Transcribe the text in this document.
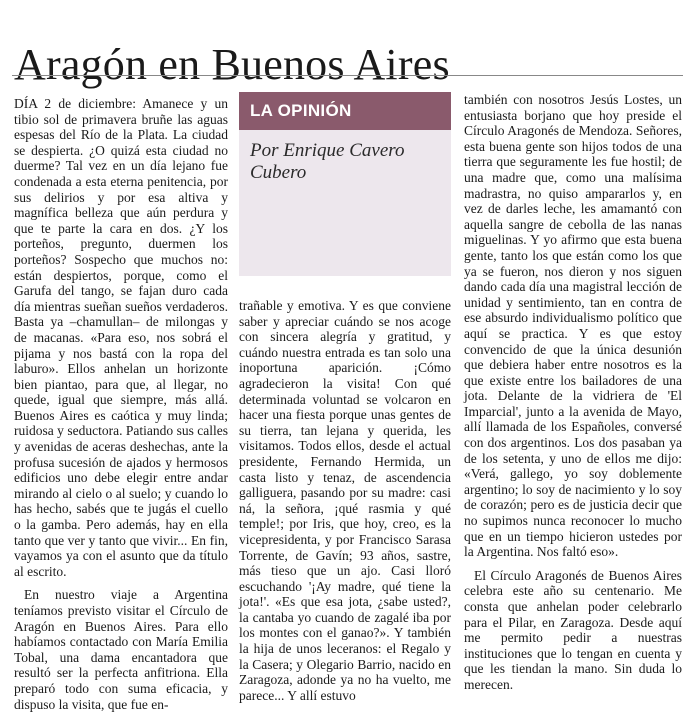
Aragón en Buenos Aires

DÍA 2 de diciembre: Amanece y un tibio sol de primavera bruñe las aguas espesas del Río de la Plata. La ciudad se despierta. ¿O quizá esta ciudad no duerme? Tal vez en un día lejano fue condenada a esta eterna penitencia, por sus delirios y por esa altiva y magnífica belleza que aún perdura y que te parte la cara en dos. ¿Y los porteños, pregunto, duermen los porteños? Sospecho que muchos no: están despiertos, porque, como el Garufa del tango, se fajan duro cada día mientras sueñan sueños verdaderos. Basta ya –chamullan– de milongas y de macanas. «Para eso, nos sobrá el pijama y nos bastá con la ropa del laburo». Ellos anhelan un horizonte bien piantao, para que, al llegar, no quede, igual que siempre, más allá. Buenos Aires es caótica y muy linda; ruidosa y seductora. Patiando sus calles y avenidas de aceras deshechas, ante la profusa sucesión de ajados y hermosos edificios uno debe elegir entre andar mirando al cielo o al suelo; y cuando lo has hecho, sabés que te jugás el cuello o la gamba. Pero además, hay en ella tanto que ver y tanto que vivir... En fin, vayamos ya con el asunto que da título al escrito.

En nuestro viaje a Argentina teníamos previsto visitar el Círculo de Aragón en Buenos Aires. Para ello habíamos contactado con María Emilia Tobal, una dama encantadora que resultó ser la perfecta anfitriona. Ella preparó todo con suma eficacia, y dispuso la visita, que fue en-

LA OPINIÓN
Por Enrique Cavero Cubero

trañable y emotiva. Y es que conviene saber y apreciar cuándo se nos acoge con sincera alegría y gratitud, y cuándo nuestra entrada es tan solo una inoportuna aparición. ¡Cómo agradecieron la visita! Con qué determinada voluntad se volcaron en hacer una fiesta porque unas gentes de su tierra, tan lejana y querida, les visitamos. Todos ellos, desde el actual presidente, Fernando Hermida, un casta listo y tenaz, de ascendencia galliguera, pasando por su madre: casi ná, la señora, ¡qué rasmia y qué temple!; por Iris, que hoy, creo, es la vicepresidenta, y por Francisco Sarasa Torrente, de Gavín; 93 años, sastre, más tieso que un ajo. Casi lloró escuchando '¡Ay madre, qué tiene la jota!'. «Es que esa jota, ¿sabe usted?, la cantaba yo cuando de zagalé iba por los montes con el ganao?». Y también la hija de unos leceranos: el Regalo y la Casera; y Olegario Barrio, nacido en Zaragoza, adonde ya no ha vuelto, me parece... Y allí estuvo

también con nosotros Jesús Lostes, un entusiasta borjano que hoy preside el Círculo Aragonés de Mendoza. Señores, esta buena gente son hijos todos de una tierra que seguramente les fue hostil; de una madre que, como una malísima madrastra, no quiso ampararlos y, en vez de darles leche, les amamantó con aquella sangre de cebolla de las nanas miguelinas. Y yo afirmo que esta buena gente, tanto los que están como los que ya se fueron, nos dieron y nos siguen dando cada día una magistral lección de unidad y sentimiento, tan en contra de ese absurdo individualismo político que aquí se practica. Y es que estoy convencido de que la única desunión que debiera haber entre nosotros es la que existe entre los bailadores de una jota. Delante de la vidriera de 'El Imparcial', junto a la avenida de Mayo, allí llamada de los Españoles, conversé con dos argentinos. Los dos pasaban ya de los setenta, y uno de ellos me dijo: «Verá, gallego, yo soy doblemente argentino; lo soy de nacimiento y lo soy de corazón; pero es de justicia decir que no supimos nunca reconocer lo mucho que en un tiempo hicieron ustedes por la Argentina. Nos faltó eso».

El Círculo Aragonés de Buenos Aires celebra este año su centenario. Me consta que anhelan poder celebrarlo para el Pilar, en Zaragoza. Desde aquí me permito pedir a nuestras instituciones que lo tengan en cuenta y que les tiendan la mano. Sin duda lo merecen.
